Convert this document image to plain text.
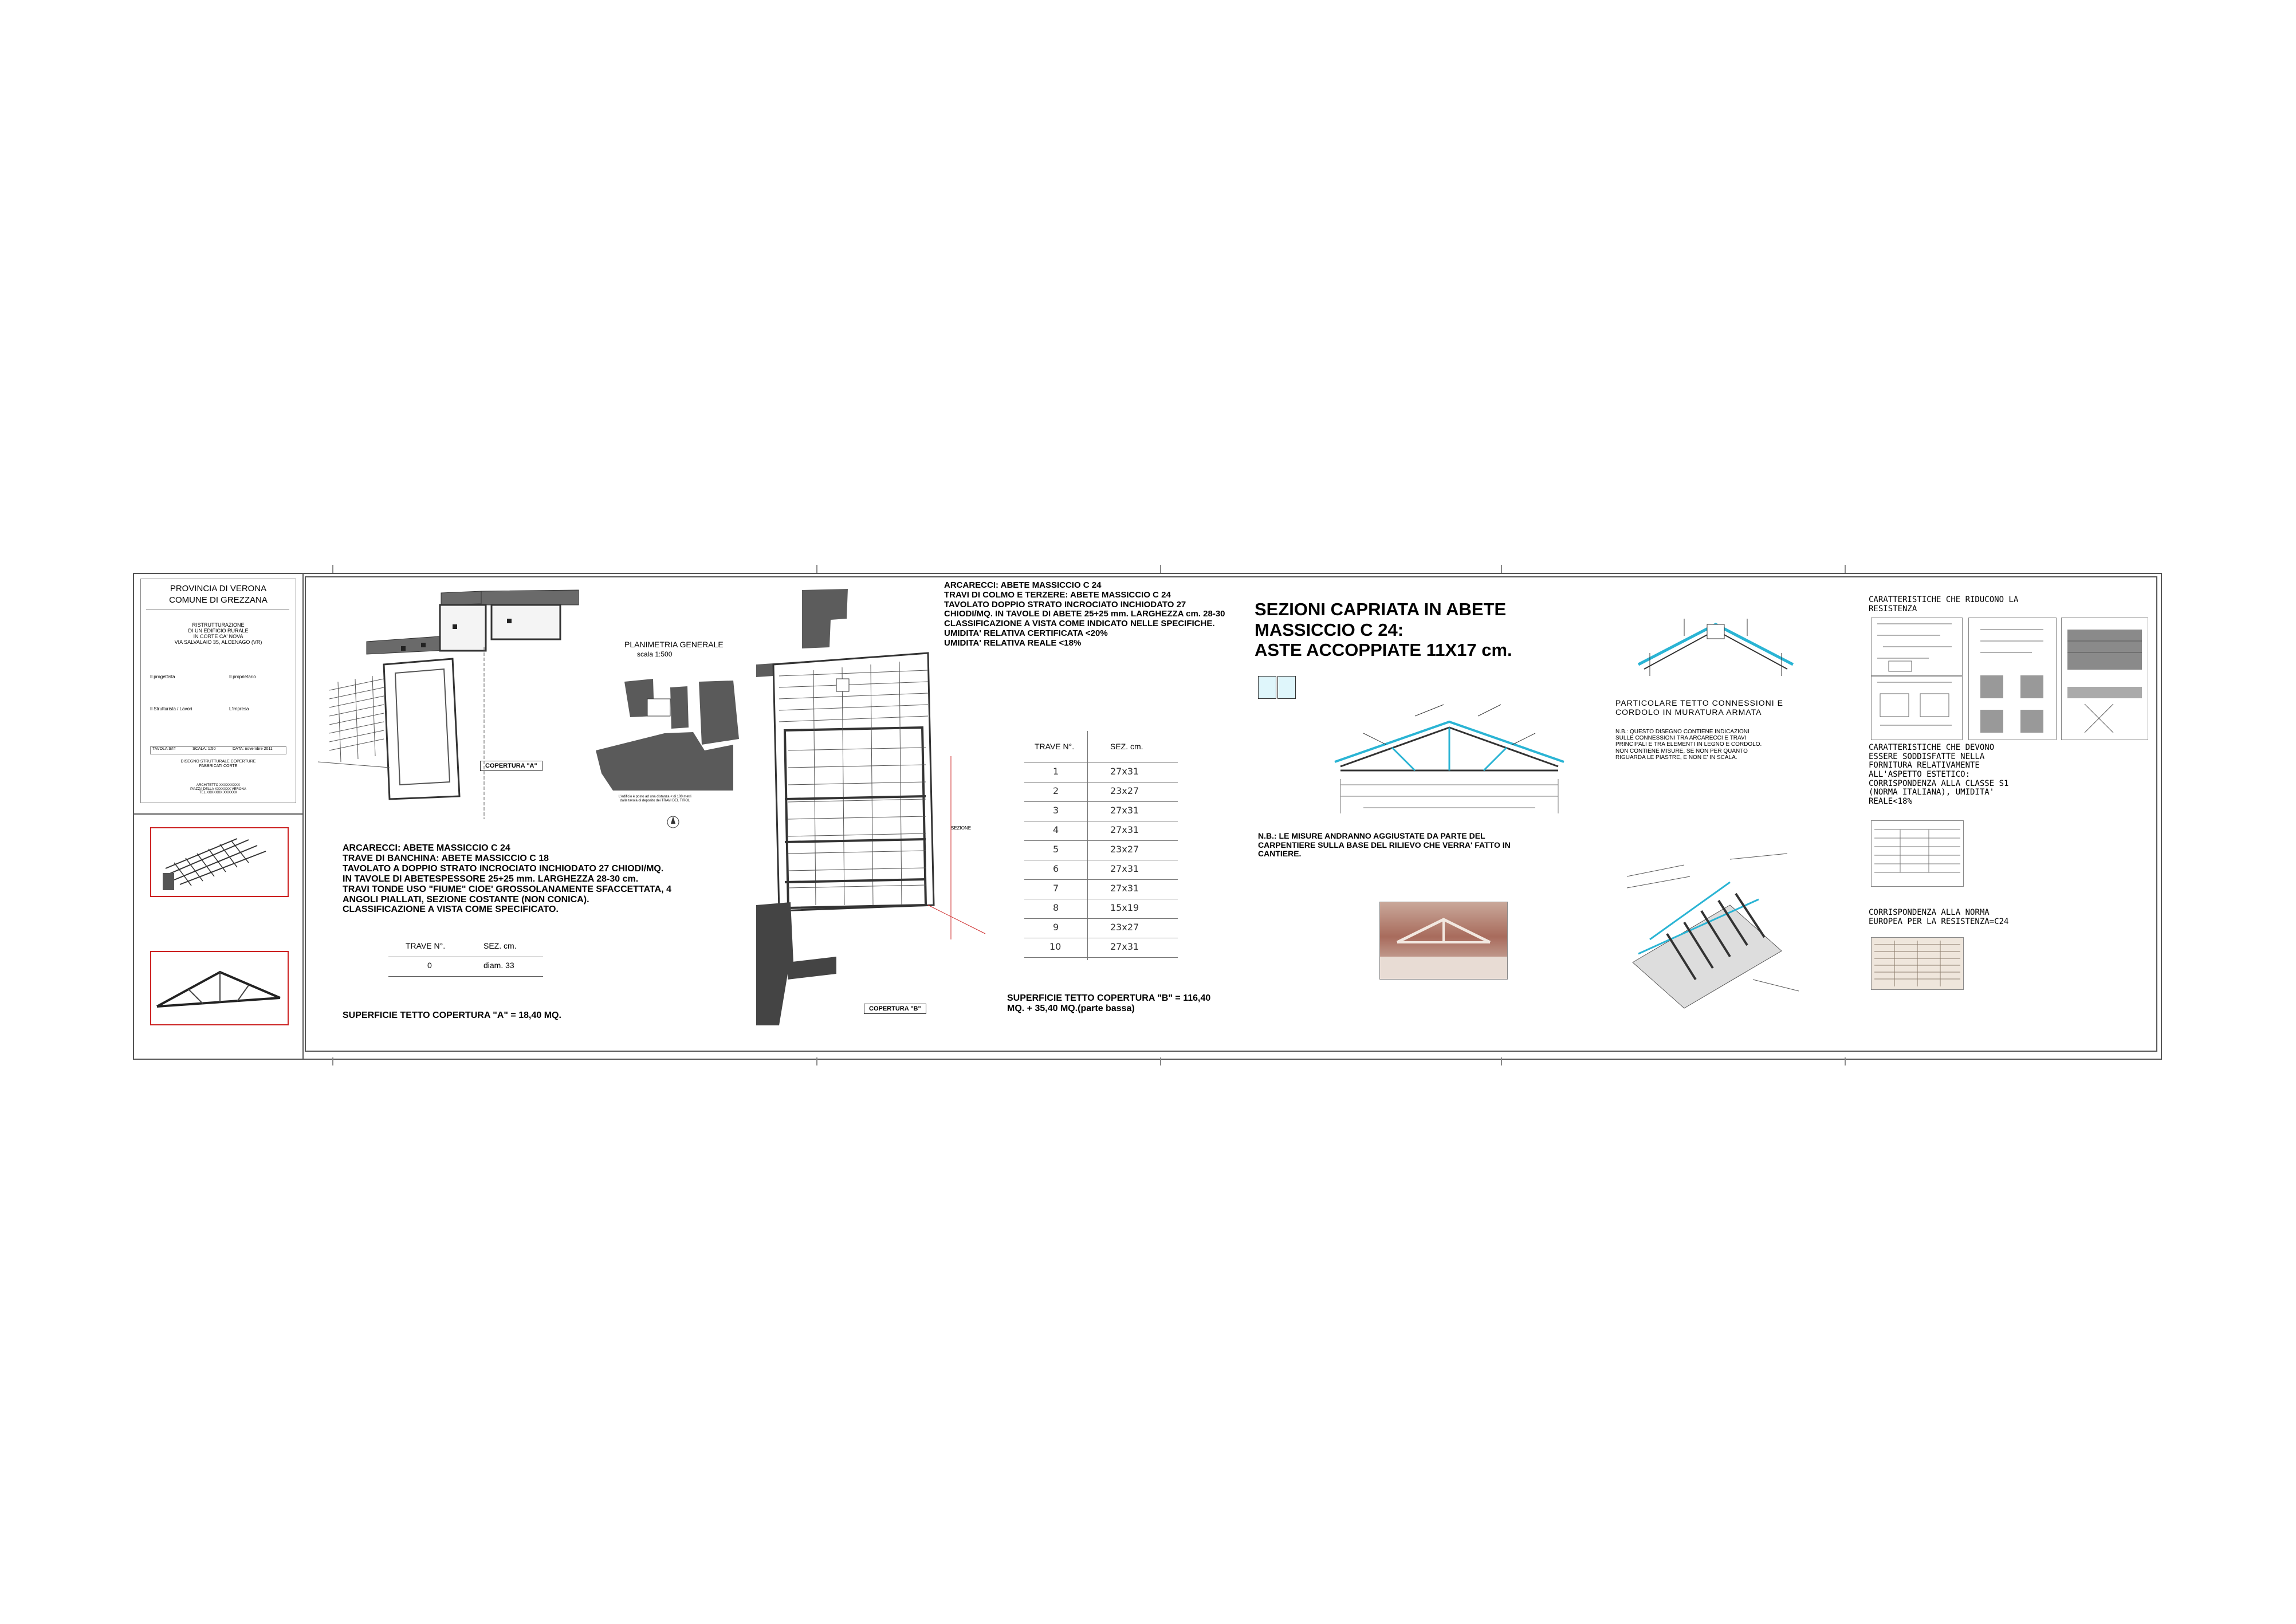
PROVINCIA DI VERONA
COMUNE DI GREZZANA
RISTRUTTURAZIONE
DI UN EDIFICIO RURALE
IN CORTE CA' NOVA
VIA SALVALAIO 35, ALCENAGO (VR)
Il progettista	Il proprietario
Il Strutturista / Lavori	L'impresa
TAVOLA S##	SCALA: 1:50	DATA: novembre 2011
DISEGNO STRUTTURALE COPERTURE
FABBRICATI CORTE
ARCHITETTO XXXXXXXXX
PIAZZA DELLA XXXXXXX VERONA
TEL XXXXXXX XXXXXX
COPERTURA "A"
PLANIMETRIA GENERALE
scala 1:500
L'edificio è posto ad una distanza < di 100 metri
dalla tavola di deposito dei TRAVI DEL TIROL
ARCARECCI: ABETE MASSICCIO C 24
TRAVE DI BANCHINA: ABETE MASSICCIO C 18
TAVOLATO A DOPPIO STRATO INCROCIATO INCHIODATO 27 CHIODI/MQ.
IN TAVOLE DI ABETESPESSORE 25+25 mm. LARGHEZZA 28-30 cm.
TRAVI TONDE USO "FIUME" CIOE' GROSSOLANAMENTE SFACCETTATA, 4
ANGOLI PIALLATI, SEZIONE COSTANTE (NON CONICA).
CLASSIFICAZIONE A VISTA COME SPECIFICATO.
TRAVE N°.	SEZ. cm.
0	diam. 33
SUPERFICIE TETTO COPERTURA "A" = 18,40 MQ.
COPERTURA "B"
SEZIONE
ARCARECCI: ABETE MASSICCIO C 24
TRAVI DI COLMO E TERZERE: ABETE MASSICCIO C 24
TAVOLATO DOPPIO STRATO INCROCIATO INCHIODATO 27
CHIODI/MQ. IN TAVOLE DI ABETE 25+25 mm. LARGHEZZA cm. 28-30
CLASSIFICAZIONE A VISTA COME INDICATO NELLE SPECIFICHE.
UMIDITA' RELATIVA CERTIFICATA <20%
UMIDITA' RELATIVA REALE <18%
TRAVE N°.	SEZ. cm.
1	27x31
2	23x27
3	27x31
4	27x31
5	23x27
6	27x31
7	27x31
8	15x19
9	23x27
10	27x31
SUPERFICIE TETTO COPERTURA "B" = 116,40
MQ. + 35,40 MQ.(parte bassa)
SEZIONI CAPRIATA IN ABETE
MASSICCIO C 24:
ASTE ACCOPPIATE 11X17 cm.
N.B.: LE MISURE ANDRANNO AGGIUSTATE DA PARTE DEL
CARPENTIERE SULLA BASE DEL RILIEVO CHE VERRA' FATTO IN
CANTIERE.
PARTICOLARE TETTO CONNESSIONI E
CORDOLO IN MURATURA ARMATA
N.B.: QUESTO DISEGNO CONTIENE INDICAZIONI
SULLE CONNESSIONI TRA ARCARECCI E TRAVI
PRINCIPALI E TRA ELEMENTI IN LEGNO E CORDOLO.
NON CONTIENE MISURE, SE NON PER QUANTO
RIGUARDA LE PIASTRE, E NON E' IN SCALA.
CARATTERISTICHE CHE RIDUCONO LA
RESISTENZA
CARATTERISTICHE CHE DEVONO
ESSERE SODDISFATTE NELLA
FORNITURA RELATIVAMENTE
ALL'ASPETTO ESTETICO:
CORRISPONDENZA ALLA CLASSE S1
(NORMA ITALIANA), UMIDITA'
REALE<18%
CORRISPONDENZA ALLA NORMA
EUROPEA PER LA RESISTENZA=C24
